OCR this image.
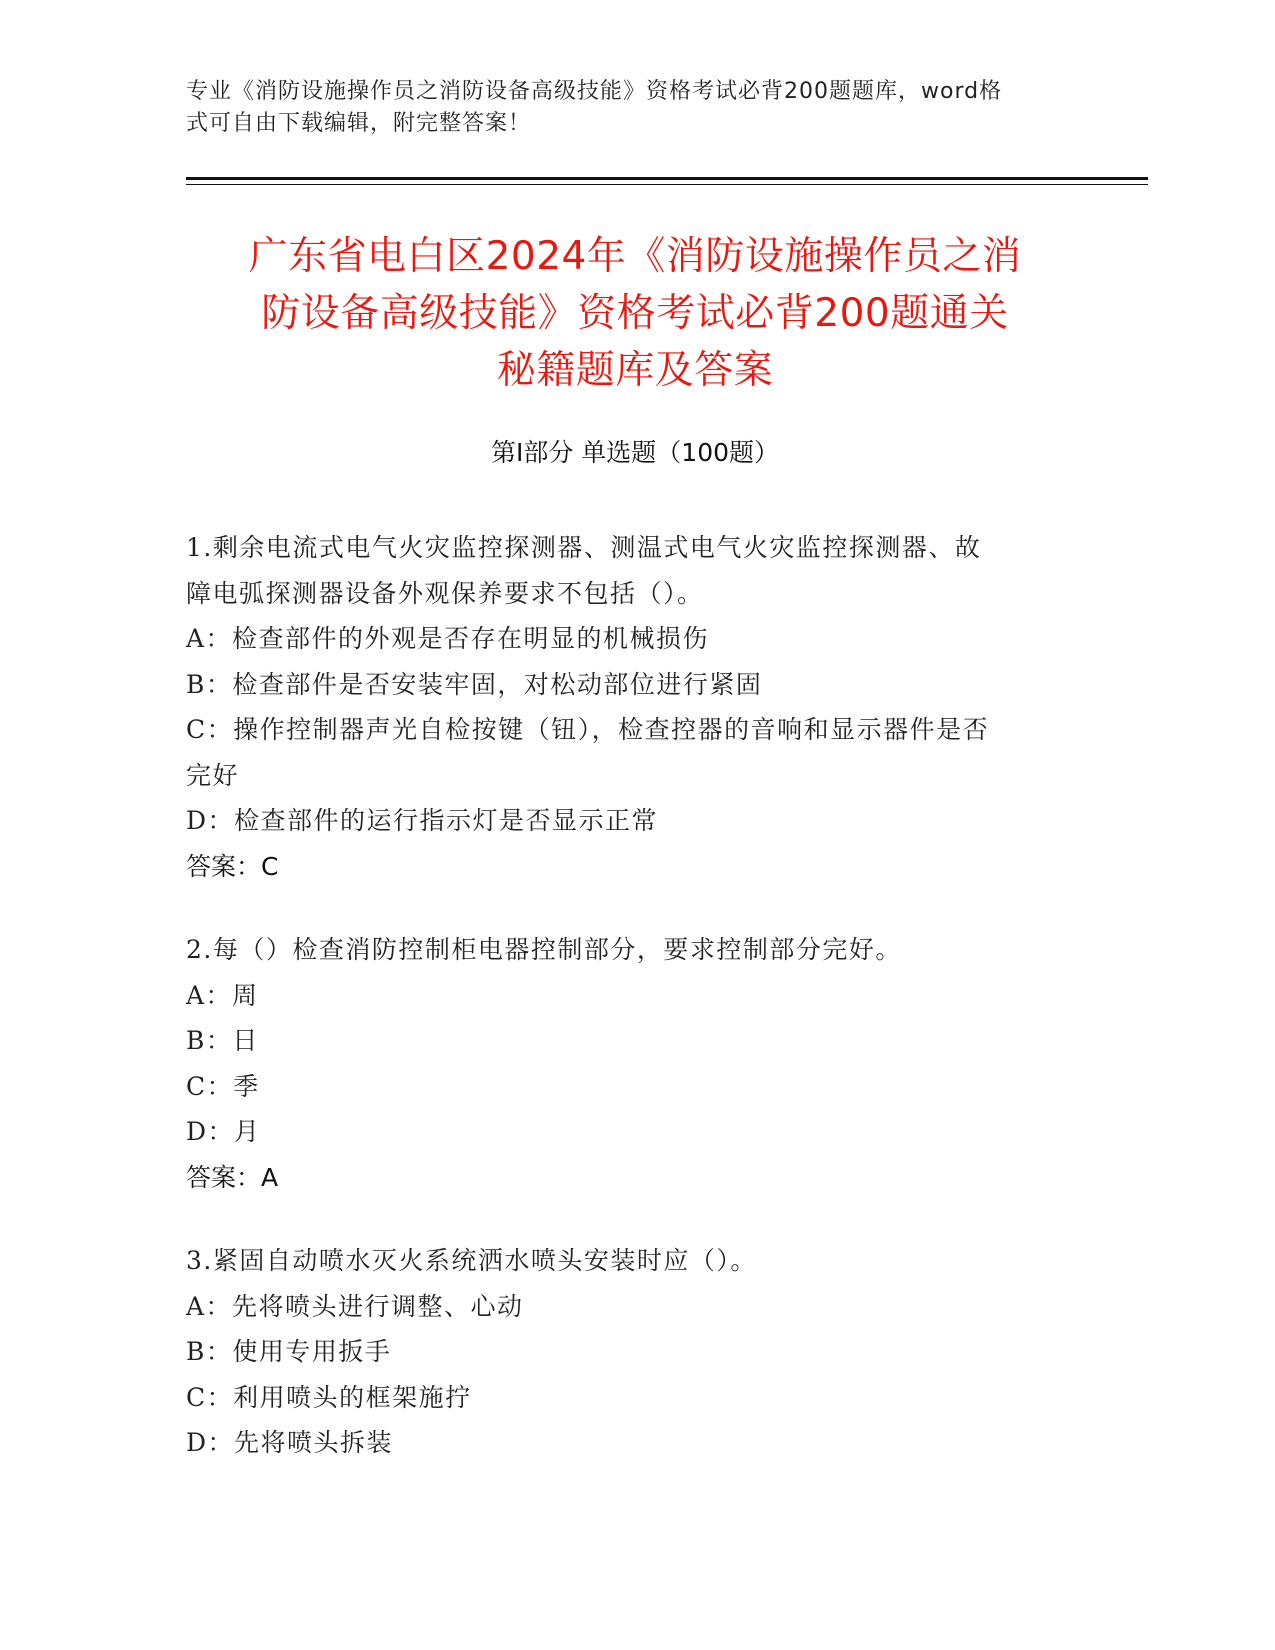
专业《消防设施操作员之消防设备高级技能》资格考试必背200题题库，word格
式可自由下载编辑，附完整答案！
广东省电白区2024年《消防设施操作员之消
防设备高级技能》资格考试必背200题通关
秘籍题库及答案
第Ⅰ部分 单选题（100题）

1.剩余电流式电气火灾监控探测器、测温式电气火灾监控探测器、故

障电弧探测器设备外观保养要求不包括（）。

A：检查部件的外观是否存在明显的机械损伤

B：检查部件是否安装牢固，对松动部位进行紧固

C：操作控制器声光自检按键（钮），检查控器的音响和显示器件是否

完好

D：检查部件的运行指示灯是否显示正常

答案：C

2.每（）检查消防控制柜电器控制部分，要求控制部分完好。

A：周

B：日

C：季

D：月

答案：A

3.紧固自动喷水灭火系统洒水喷头安装时应（）。

A：先将喷头进行调整、心动

B：使用专用扳手

C：利用喷头的框架施拧

D：先将喷头拆装
